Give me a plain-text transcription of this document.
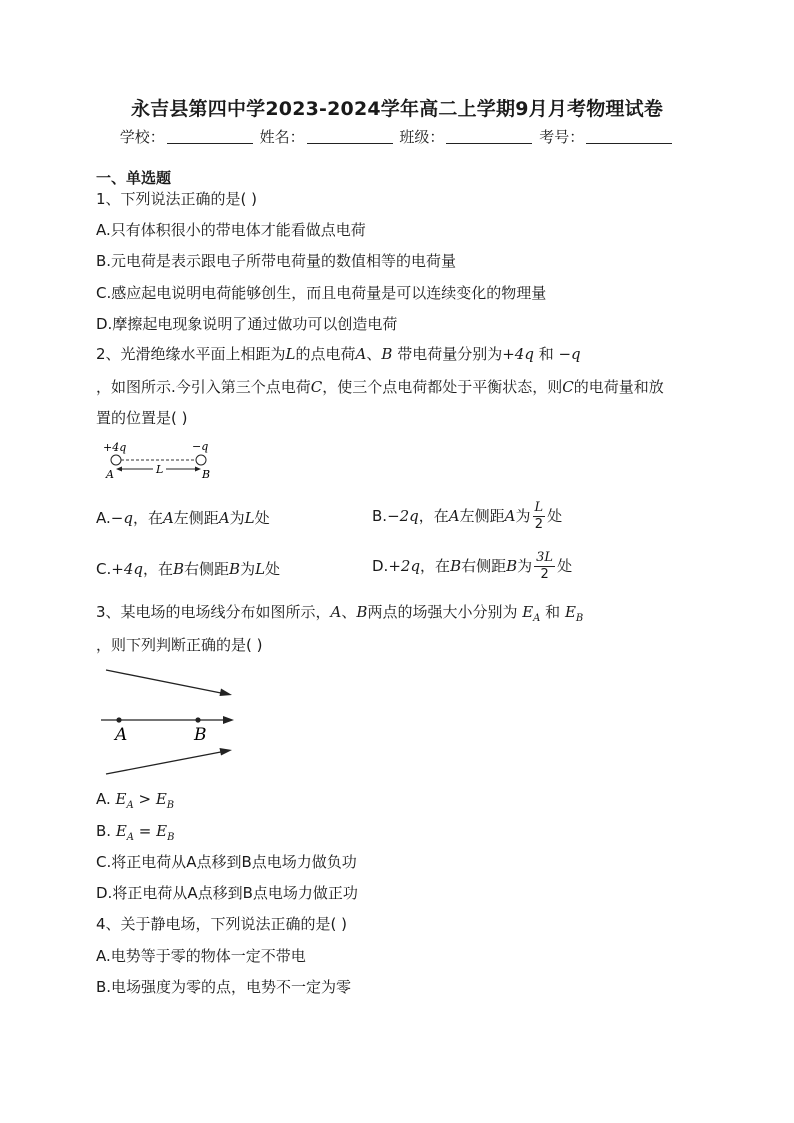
永吉县第四中学2023-2024学年高二上学期9月月考物理试卷
学校：	姓名：	班级：	考号：
一、单选题
1、下列说法正确的是( )
A.只有体积很小的带电体才能看做点电荷
B.元电荷是表示跟电子所带电荷量的数值相等的电荷量
C.感应起电说明电荷能够创生，而且电荷量是可以连续变化的物理量
D.摩擦起电现象说明了通过做功可以创造电荷
2、光滑绝缘水平面上相距为L的点电荷A、B 带电荷量分别为+4q 和 −q
，如图所示.今引入第三个点电荷C，使三个点电荷都处于平衡状态，则C的电荷量和放
置的位置是( )
+4q	−q
L
A	B
A.−q，在A左侧距A为L处	B.−2q，在A左侧距A为 $\frac{L}{2}$ 处
C.+4q，在B右侧距B为L处	D.+2q，在B右侧距B为 $\frac{3L}{2}$ 处
3、某电场的电场线分布如图所示，A、B两点的场强大小分别为 $E_A$ 和 $E_B$
，则下列判断正确的是( )
A	B
A. $E_A > E_B$
B. $E_A = E_B$
C.将正电荷从A点移到B点电场力做负功
D.将正电荷从A点移到B点电场力做正功
4、关于静电场，下列说法正确的是( )
A.电势等于零的物体一定不带电
B.电场强度为零的点，电势不一定为零
